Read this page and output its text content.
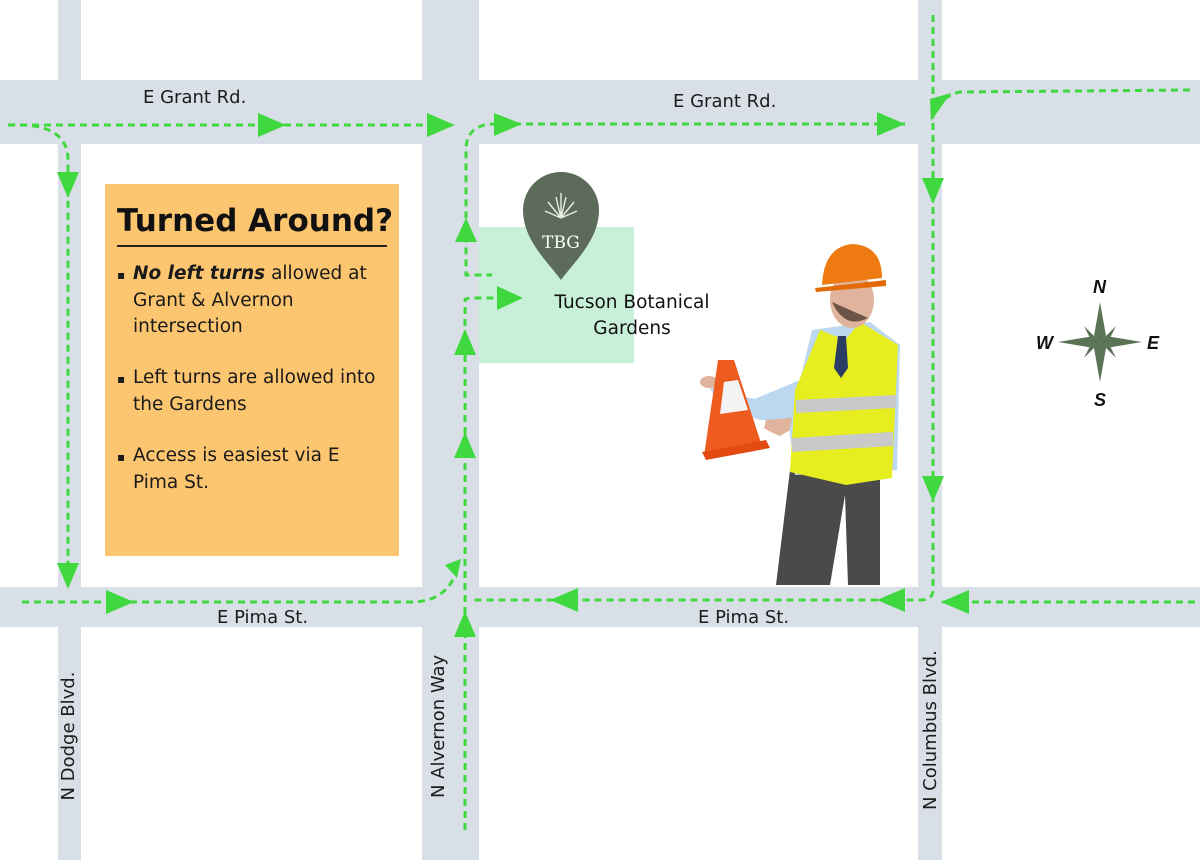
E Grant Rd.	E Grant Rd.
E Pima St.	E Pima St.
N Dodge Blvd.	N Alvernon Way	N Columbus Blvd.
Turned Around?
▪ No left turns allowed at Grant & Alvernon intersection
▪ Left turns are allowed into the Gardens
▪ Access is easiest via E Pima St.
TBG
Tucson Botanical Gardens
N
S
W	E
